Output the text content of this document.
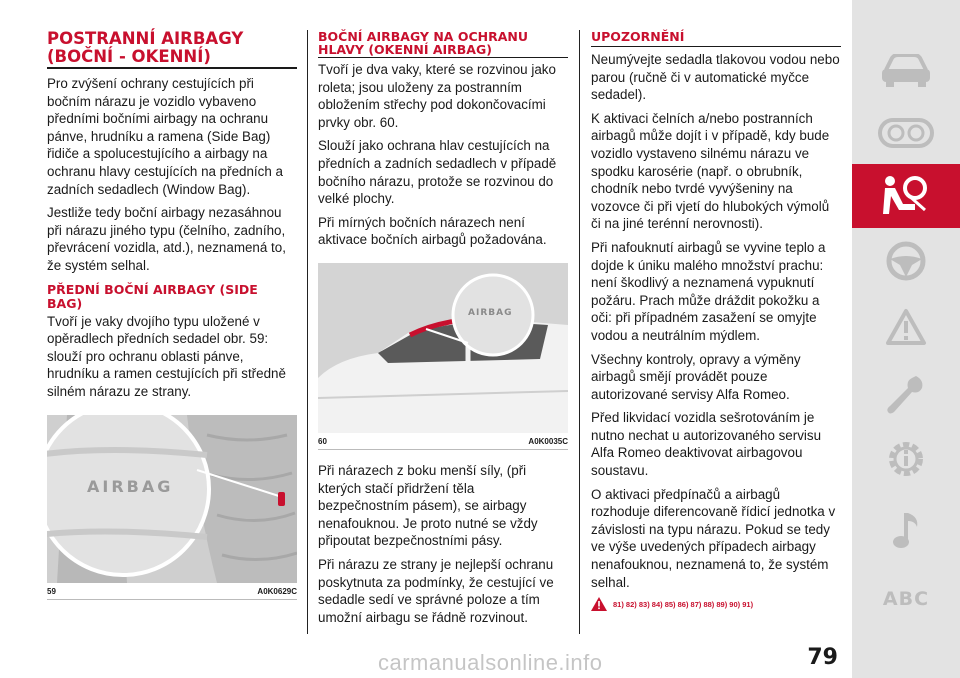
POSTRANNÍ AIRBAGY (BOČNÍ - OKENNÍ)

Pro zvýšení ochrany cestujících při bočním nárazu je vozidlo vybaveno předními bočními airbagy na ochranu pánve, hrudníku a ramena (Side Bag) řidiče a spolucestujícího a airbagy na ochranu hlavy cestujících na předních a zadních sedadlech (Window Bag).

Jestliže tedy boční airbagy nezasáhnou při nárazu jiného typu (čelního, zadního, převrácení vozidla, atd.), neznamená to, že systém selhal.

PŘEDNÍ BOČNÍ AIRBAGY (SIDE BAG)

Tvoří je vaky dvojího typu uložené v opěradlech předních sedadel obr. 59: slouží pro ochranu oblasti pánve, hrudníku a ramen cestujících při středně silném nárazu ze strany.

AIRBAG
59	A0K0629C
BOČNÍ AIRBAGY NA OCHRANU HLAVY (OKENNÍ AIRBAG)

Tvoří je dva vaky, které se rozvinou jako roleta; jsou uloženy za postranním obložením střechy pod dokončovacími prvky obr. 60.

Slouží jako ochrana hlav cestujících na předních a zadních sedadlech v případě bočního nárazu, protože se rozvinou do velké plochy.

Při mírných bočních nárazech není aktivace bočních airbagů požadována.

AIRBAG
60	A0K0035C

Při nárazech z boku menší síly, (při kterých stačí přidržení těla bezpečnostním pásem), se airbagy nenafouknou. Je proto nutné se vždy připoutat bezpečnostními pásy.

Při nárazu ze strany je nejlepší ochranu poskytnuta za podmínky, že cestující ve sedadle sedí ve správné poloze a tím umožní airbagu se řádně rozvinout.

UPOZORNĚNÍ

Neumývejte sedadla tlakovou vodou nebo parou (ručně či v automatické myčce sedadel).

K aktivaci čelních a/nebo postranních airbagů může dojít i v případě, kdy bude vozidlo vystaveno silnému nárazu ve spodku karosérie (např. o obrubník, chodník nebo tvrdé vyvýšeniny na vozovce či při vjetí do hlubokých výmolů či na jiné terénní nerovnosti).

Při nafouknutí airbagů se vyvine teplo a dojde k úniku malého množství prachu: není škodlivý a neznamená vypuknutí požáru. Prach může dráždit pokožku a oči: při případném zasažení se omyjte vodou a neutrálním mýdlem.

Všechny kontroly, opravy a výměny airbagů smějí provádět pouze autorizované servisy Alfa Romeo.

Před likvidací vozidla sešrotováním je nutno nechat u autorizovaného servisu Alfa Romeo deaktivovat airbagovou soustavu.

O aktivaci předpínačů a airbagů rozhoduje diferencovaně řídicí jednotka v závislosti na typu nárazu. Pokud se tedy ve výše uvedených případech airbagy nenafouknou, neznamená to, že systém selhal.

81) 82) 83) 84) 85) 86) 87) 88) 89) 90) 91)	ABC
79
carmanualsonline.info
